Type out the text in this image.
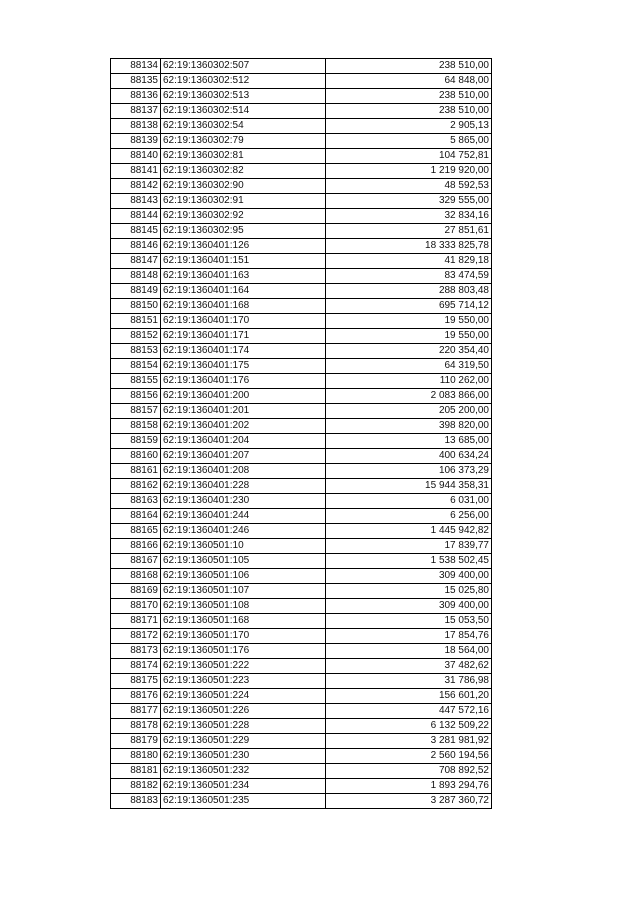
88134	62:19:1360302:507	238 510,00
88135	62:19:1360302:512	64 848,00
88136	62:19:1360302:513	238 510,00
88137	62:19:1360302:514	238 510,00
88138	62:19:1360302:54	2 905,13
88139	62:19:1360302:79	5 865,00
88140	62:19:1360302:81	104 752,81
88141	62:19:1360302:82	1 219 920,00
88142	62:19:1360302:90	48 592,53
88143	62:19:1360302:91	329 555,00
88144	62:19:1360302:92	32 834,16
88145	62:19:1360302:95	27 851,61
88146	62:19:1360401:126	18 333 825,78
88147	62:19:1360401:151	41 829,18
88148	62:19:1360401:163	83 474,59
88149	62:19:1360401:164	288 803,48
88150	62:19:1360401:168	695 714,12
88151	62:19:1360401:170	19 550,00
88152	62:19:1360401:171	19 550,00
88153	62:19:1360401:174	220 354,40
88154	62:19:1360401:175	64 319,50
88155	62:19:1360401:176	110 262,00
88156	62:19:1360401:200	2 083 866,00
88157	62:19:1360401:201	205 200,00
88158	62:19:1360401:202	398 820,00
88159	62:19:1360401:204	13 685,00
88160	62:19:1360401:207	400 634,24
88161	62:19:1360401:208	106 373,29
88162	62:19:1360401:228	15 944 358,31
88163	62:19:1360401:230	6 031,00
88164	62:19:1360401:244	6 256,00
88165	62:19:1360401:246	1 445 942,82
88166	62:19:1360501:10	17 839,77
88167	62:19:1360501:105	1 538 502,45
88168	62:19:1360501:106	309 400,00
88169	62:19:1360501:107	15 025,80
88170	62:19:1360501:108	309 400,00
88171	62:19:1360501:168	15 053,50
88172	62:19:1360501:170	17 854,76
88173	62:19:1360501:176	18 564,00
88174	62:19:1360501:222	37 482,62
88175	62:19:1360501:223	31 786,98
88176	62:19:1360501:224	156 601,20
88177	62:19:1360501:226	447 572,16
88178	62:19:1360501:228	6 132 509,22
88179	62:19:1360501:229	3 281 981,92
88180	62:19:1360501:230	2 560 194,56
88181	62:19:1360501:232	708 892,52
88182	62:19:1360501:234	1 893 294,76
88183	62:19:1360501:235	3 287 360,72
